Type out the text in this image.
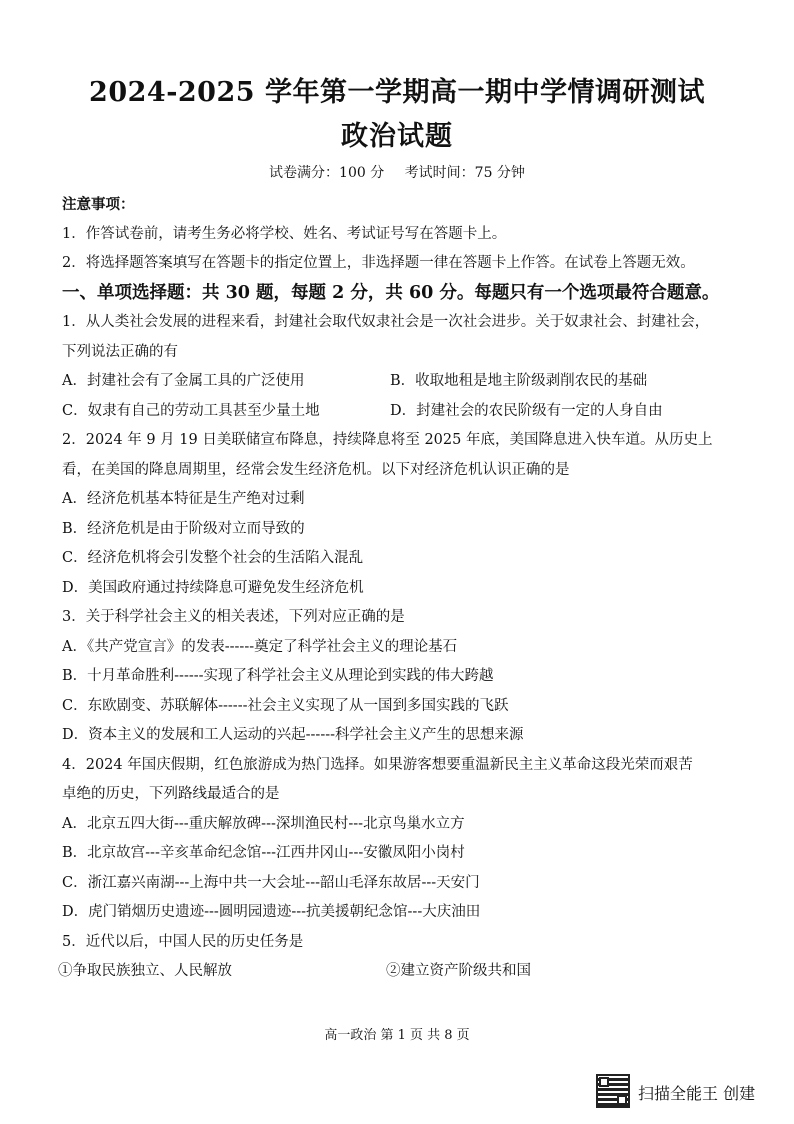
2024-2025 学年第一学期高一期中学情调研测试
政治试题
试卷满分：100 分 考试时间：75 分钟
注意事项：
1．作答试卷前，请考生务必将学校、姓名、考试证号写在答题卡上。
2．将选择题答案填写在答题卡的指定位置上，非选择题一律在答题卡上作答。在试卷上答题无效。
一、单项选择题：共 30 题，每题 2 分，共 60 分。每题只有一个选项最符合题意。
1．从人类社会发展的进程来看，封建社会取代奴隶社会是一次社会进步。关于奴隶社会、封建社会，
下列说法正确的有
A．封建社会有了金属工具的广泛使用	B．收取地租是地主阶级剥削农民的基础
C．奴隶有自己的劳动工具甚至少量土地	D．封建社会的农民阶级有一定的人身自由
2．2024 年 9 月 19 日美联储宣布降息，持续降息将至 2025 年底，美国降息进入快车道。从历史上
看，在美国的降息周期里，经常会发生经济危机。以下对经济危机认识正确的是
A．经济危机基本特征是生产绝对过剩
B．经济危机是由于阶级对立而导致的
C．经济危机将会引发整个社会的生活陷入混乱
D．美国政府通过持续降息可避免发生经济危机
3．关于科学社会主义的相关表述，下列对应正确的是
A．《共产党宣言》的发表------奠定了科学社会主义的理论基石
B．十月革命胜利------实现了科学社会主义从理论到实践的伟大跨越
C．东欧剧变、苏联解体------社会主义实现了从一国到多国实践的飞跃
D．资本主义的发展和工人运动的兴起------科学社会主义产生的思想来源
4．2024 年国庆假期，红色旅游成为热门选择。如果游客想要重温新民主主义革命这段光荣而艰苦
卓绝的历史，下列路线最适合的是
A．北京五四大街---重庆解放碑---深圳渔民村---北京鸟巢水立方
B．北京故宫---辛亥革命纪念馆---江西井冈山---安徽凤阳小岗村
C．浙江嘉兴南湖---上海中共一大会址---韶山毛泽东故居---天安门
D．虎门销烟历史遗迹---圆明园遗迹---抗美援朝纪念馆---大庆油田
5．近代以后，中国人民的历史任务是
①争取民族独立、人民解放	②建立资产阶级共和国
高一政治 第 1 页 共 8 页
扫描全能王 创建
